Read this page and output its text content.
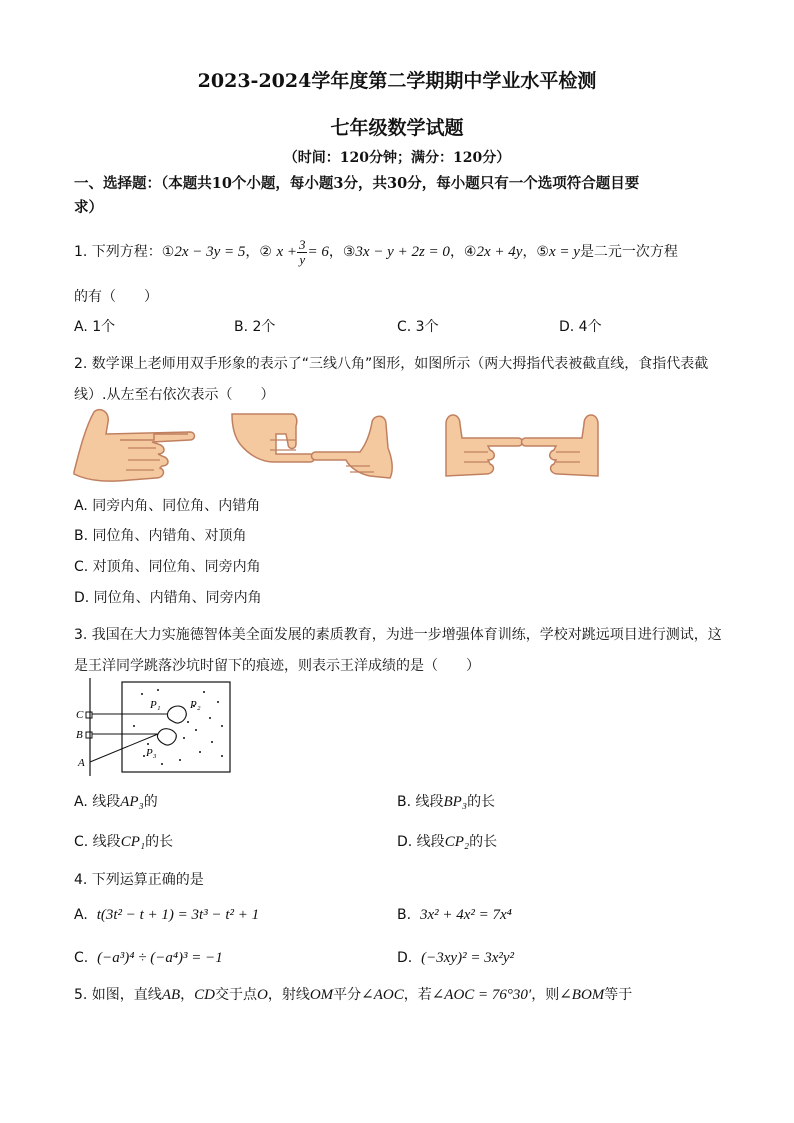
2023-2024学年度第二学期期中学业水平检测
七年级数学试题
（时间：120分钟；满分：120分）
一、选择题：（本题共10个小题，每小题3分，共30分，每小题只有一个选项符合题目要
求）
1. 下列方程：①2x − 3y = 5，② $x + \frac{3}{y} = 6$，③3x − y + 2z = 0，④2x + 4y，⑤x = y是二元一次方程
的有（　　）
A. 1个	B. 2个	C. 3个	D. 4个
2. 数学课上老师用双手形象的表示了“三线八角”图形，如图所示（两大拇指代表被截直线，食指代表截
线）.从左至右依次表示（　　）
A. 同旁内角、同位角、内错角
B. 同位角、内错角、对顶角
C. 对顶角、同位角、同旁内角
D. 同位角、内错角、同旁内角
3. 我国在大力实施德智体美全面发展的素质教育，为进一步增强体育训练，学校对跳远项目进行测试，这
是王洋同学跳落沙坑时留下的痕迹，则表示王洋成绩的是（　　）
C
B
A
P₁	P₂
P₃
A. 线段AP₃的	B. 线段BP₃的长
C. 线段CP₁的长	D. 线段CP₂的长
4. 下列运算正确的是
A. t(3t² − t + 1) = 3t³ − t² + 1	B. 3x² + 4x² = 7x⁴
C. (−a³)⁴ ÷ (−a⁴)³ = −1	D. (−3xy)² = 3x²y²
5. 如图，直线AB，CD交于点O，射线OM平分∠AOC，若∠AOC = 76°30′，则∠BOM等于
